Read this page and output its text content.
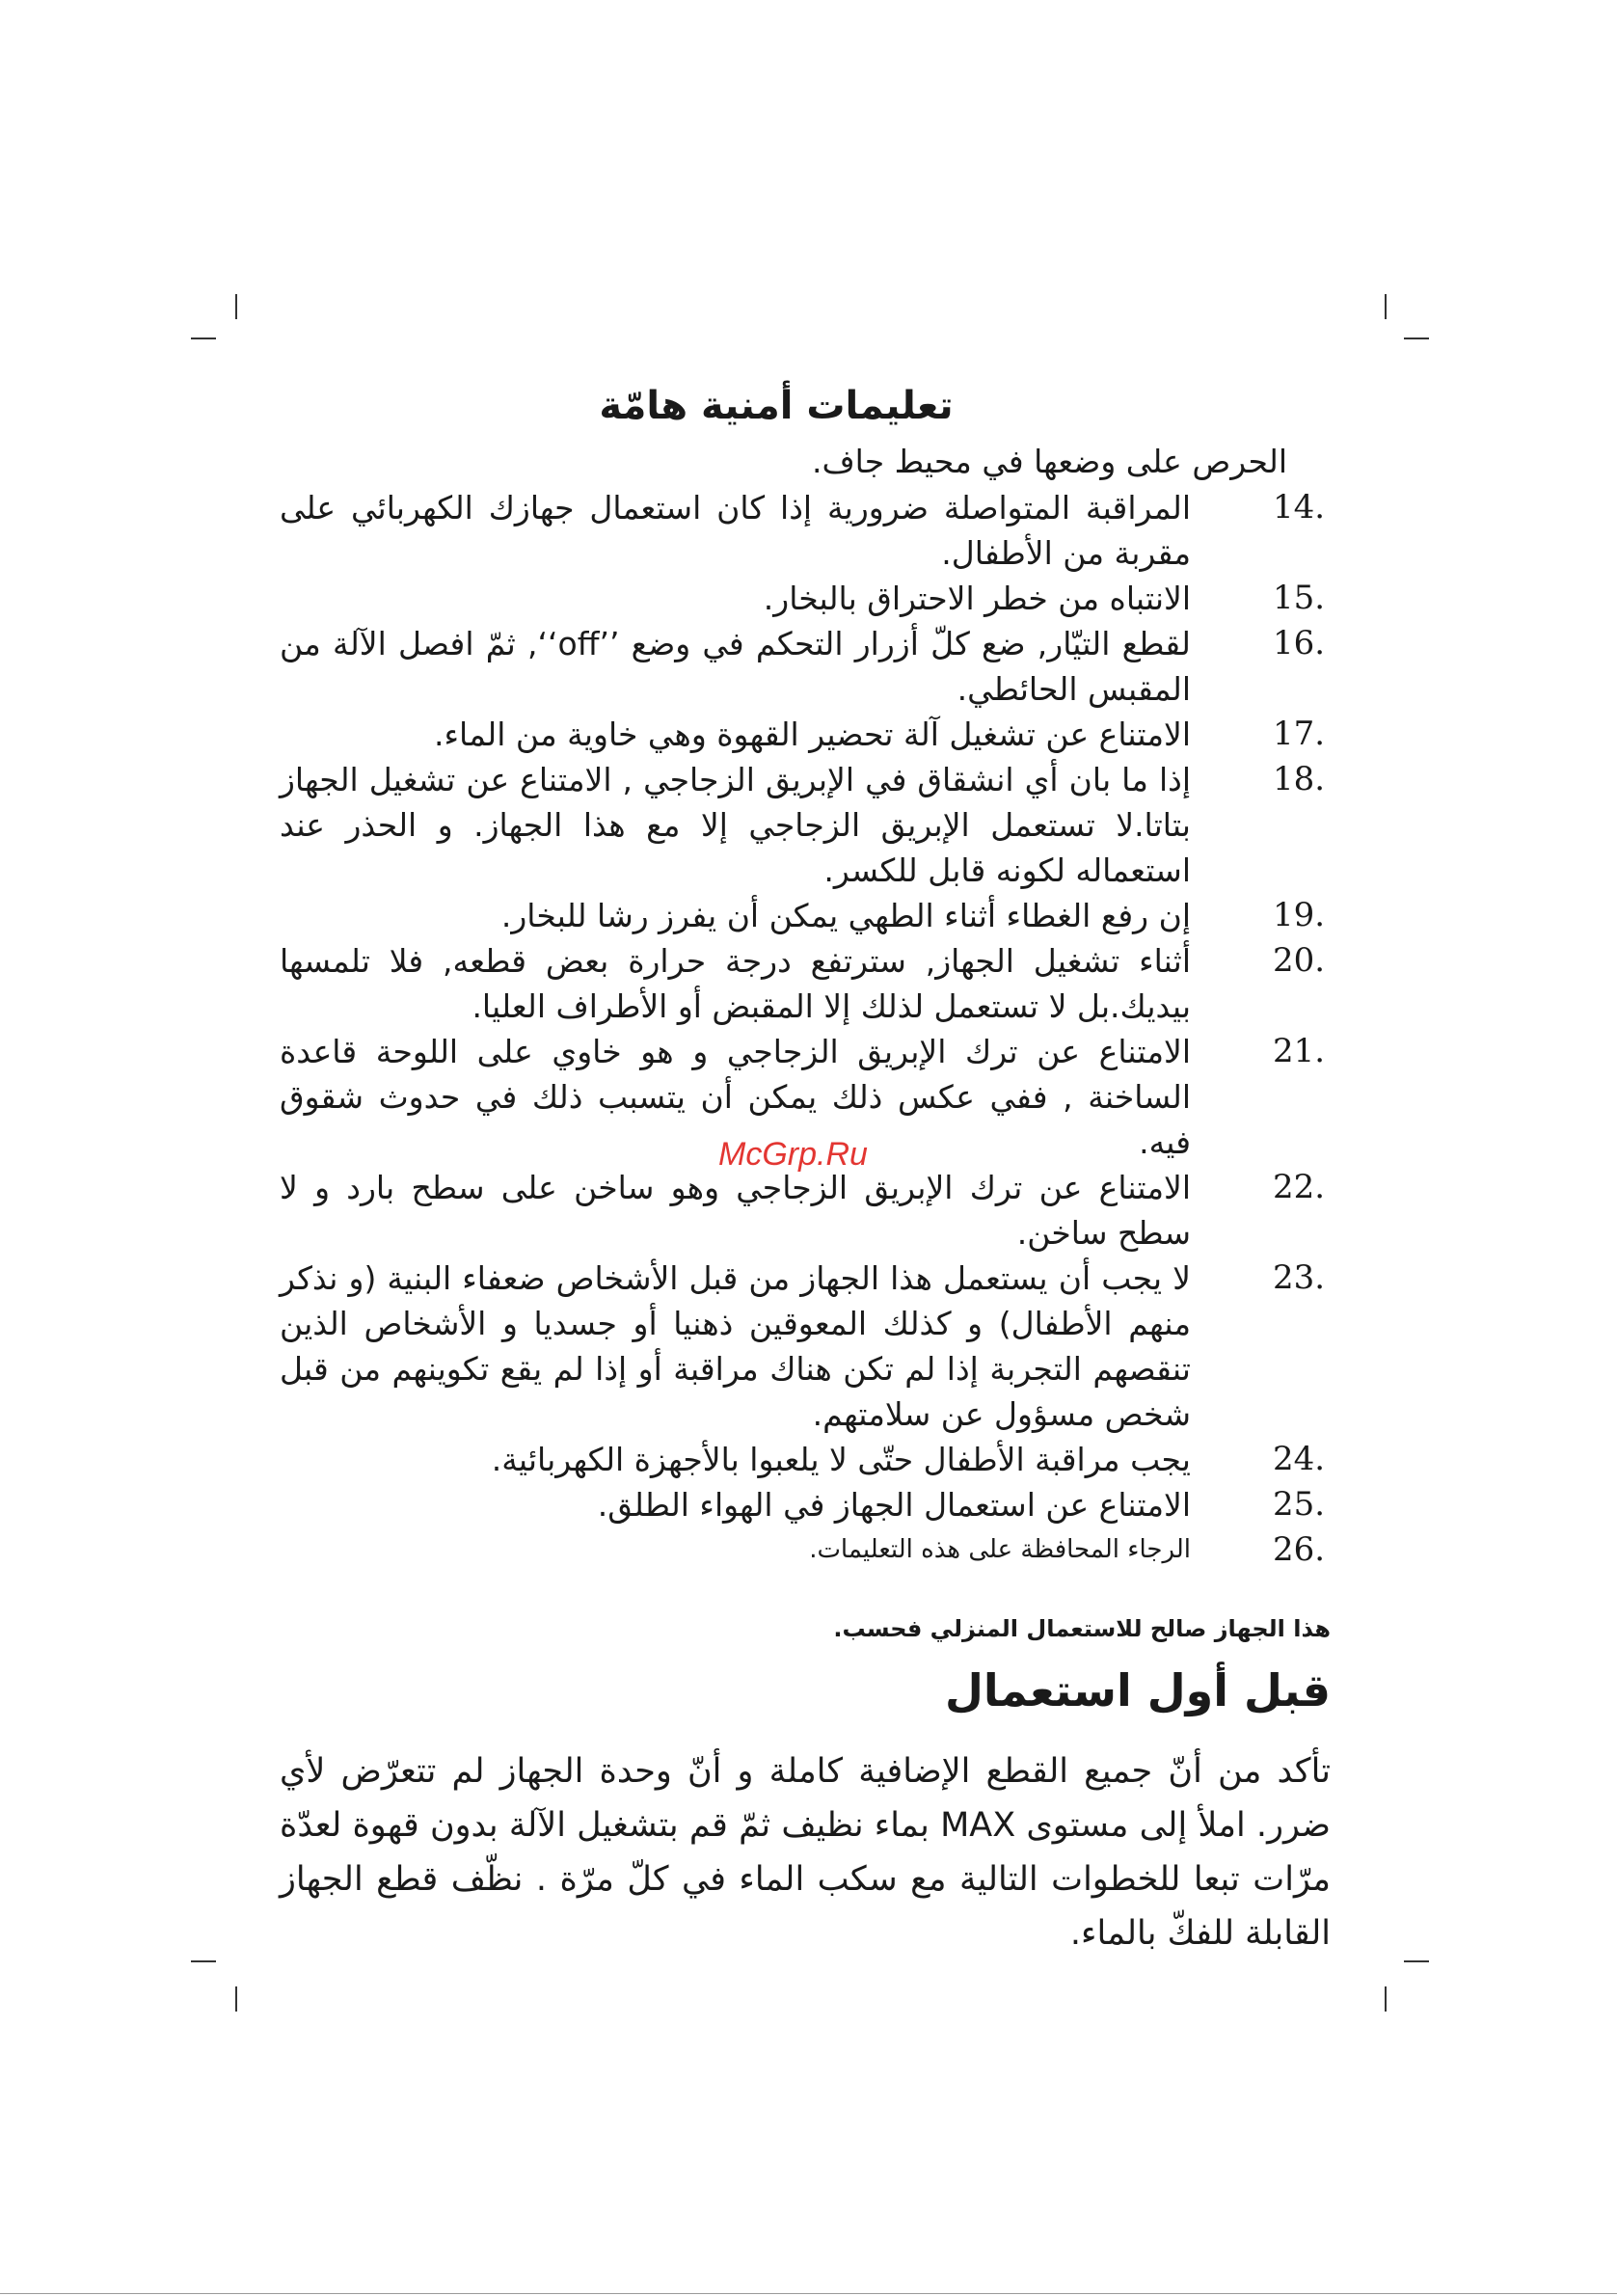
تعليمات أمنية هامّة
الحرص على وضعها في محيط جاف.
14.
المراقبة المتواصلة ضرورية إذا كان استعمال جهازك الكهربائي على مقربة من الأطفال.
15.
الانتباه من خطر الاحتراق بالبخار.
16.
لقطع التيّار, ضع كلّ أزرار التحكم في وضع ’’off‘‘, ثمّ افصل الآلة من المقبس الحائطي.
17.
الامتناع عن تشغيل آلة تحضير القهوة وهي خاوية من الماء.
18.
إذا ما بان أي انشقاق في الإبريق الزجاجي , الامتناع عن تشغيل الجهاز بتاتا.لا تستعمل الإبريق الزجاجي إلا مع هذا الجهاز. و الحذر عند استعماله لكونه قابل للكسر.
19.
إن رفع الغطاء أثناء الطهي يمكن أن يفرز رشا للبخار.
20.
أثناء تشغيل الجهاز, سترتفع درجة حرارة بعض قطعه, فلا تلمسها بيديك.بل لا تستعمل لذلك إلا المقبض أو الأطراف العليا.
21.
الامتناع عن ترك الإبريق الزجاجي و هو خاوي على اللوحة قاعدة الساخنة , ففي عكس ذلك يمكن أن يتسبب ذلك في حدوث شقوق فيه.
22.
الامتناع عن ترك الإبريق الزجاجي وهو ساخن على سطح بارد و لا سطح ساخن.
23.
لا يجب أن يستعمل هذا الجهاز من قبل الأشخاص ضعفاء البنية (و نذكر منهم الأطفال) و كذلك المعوقين ذهنيا أو جسديا و الأشخاص الذين تنقصهم التجربة إذا لم تكن هناك مراقبة أو إذا لم يقع تكوينهم من قبل شخص مسؤول عن سلامتهم.
24.
يجب مراقبة الأطفال حتّى لا يلعبوا بالأجهزة الكهربائية.
25.
الامتناع عن استعمال الجهاز في الهواء الطلق.
26.
الرجاء المحافظة على هذه التعليمات.
هذا الجهاز صالح للاستعمال المنزلي فحسب.
قبل أول استعمال
تأكد من أنّ جميع القطع الإضافية كاملة و أنّ وحدة الجهاز لم تتعرّض لأي ضرر. املأ إلى مستوى MAX بماء نظيف ثمّ قم بتشغيل الآلة بدون قهوة لعدّة مرّات تبعا للخطوات التالية مع سكب الماء في كلّ مرّة . نظّف قطع الجهاز القابلة للفكّ بالماء.
McGrp.Ru
